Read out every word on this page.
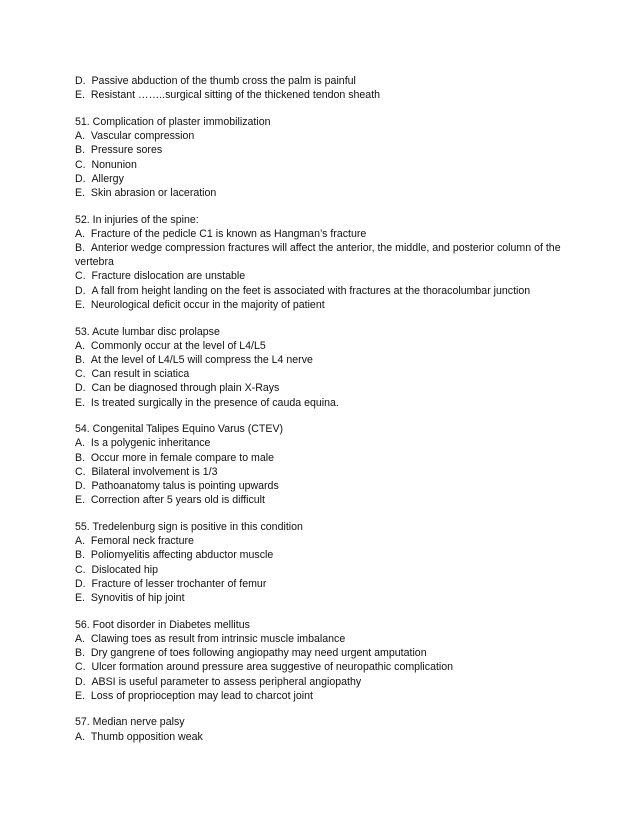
D.  Passive abduction of the thumb cross the palm is painful
E.  Resistant ……..surgical sitting of the thickened tendon sheath
51. Complication of plaster immobilization
A.  Vascular compression
B.  Pressure sores
C.  Nonunion
D.  Allergy
E.  Skin abrasion or laceration
52. In injuries of the spine:
A.  Fracture of the pedicle C1 is known as Hangman’s fracture
B.  Anterior wedge compression fractures will affect the anterior, the middle, and posterior column of the vertebra
C.  Fracture dislocation are unstable
D.  A fall from height landing on the feet is associated with fractures at the thoracolumbar junction
E.  Neurological deficit occur in the majority of patient
53. Acute lumbar disc prolapse
A.  Commonly occur at the level of L4/L5
B.  At the level of L4/L5 will compress the L4 nerve
C.  Can result in sciatica
D.  Can be diagnosed through plain X-Rays
E.  Is treated surgically in the presence of cauda equina.
54. Congenital Talipes Equino Varus (CTEV)
A.  Is a polygenic inheritance
B.  Occur more in female compare to male
C.  Bilateral involvement is 1/3
D.  Pathoanatomy talus is pointing upwards
E.  Correction after 5 years old is difficult
55. Tredelenburg sign is positive in this condition
A.  Femoral neck fracture
B.  Poliomyelitis affecting abductor muscle
C.  Dislocated hip
D.  Fracture of lesser trochanter of femur
E.  Synovitis of hip joint
56. Foot disorder in Diabetes mellitus
A.  Clawing toes as result from intrinsic muscle imbalance
B.  Dry gangrene of toes following angiopathy may need urgent amputation
C.  Ulcer formation around pressure area suggestive of neuropathic complication
D.  ABSI is useful parameter to assess peripheral angiopathy
E.  Loss of proprioception may lead to charcot joint
57. Median nerve palsy
A.  Thumb opposition weak
